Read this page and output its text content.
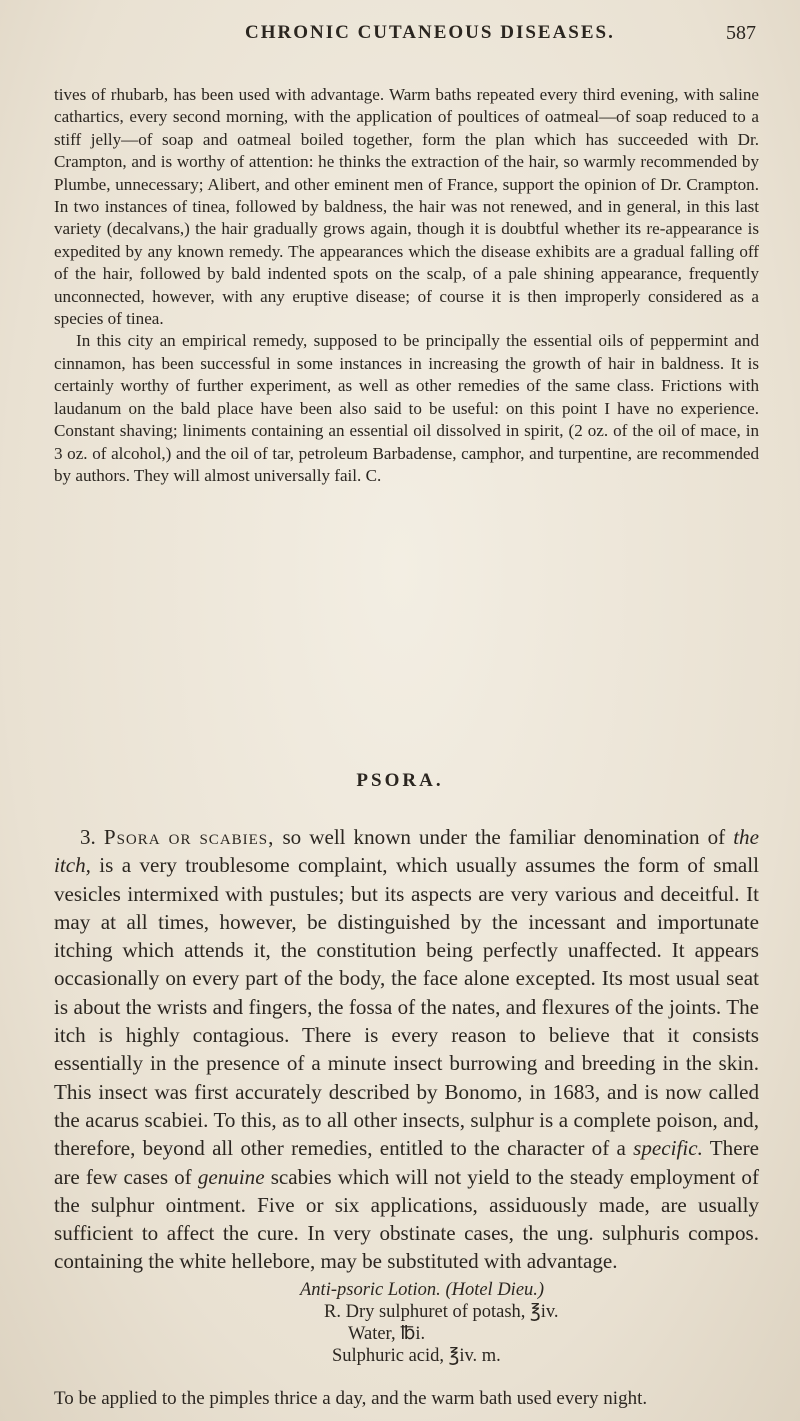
CHRONIC CUTANEOUS DISEASES.	587

tives of rhubarb, has been used with advantage. Warm baths repeated every third evening, with saline cathartics, every second morning, with the application of poultices of oatmeal—of soap reduced to a stiff jelly—of soap and oatmeal boiled together, form the plan which has succeeded with Dr. Crampton, and is worthy of attention: he thinks the extraction of the hair, so warmly recommended by Plumbe, unnecessary; Alibert, and other eminent men of France, support the opinion of Dr. Crampton. In two instances of tinea, followed by baldness, the hair was not renewed, and in general, in this last variety (decalvans,) the hair gradually grows again, though it is doubtful whether its re-appearance is expedited by any known remedy. The appearances which the disease exhibits are a gradual falling off of the hair, followed by bald indented spots on the scalp, of a pale shining appearance, frequently unconnected, however, with any eruptive disease; of course it is then improperly considered as a species of tinea.

In this city an empirical remedy, supposed to be principally the essential oils of peppermint and cinnamon, has been successful in some instances in increasing the growth of hair in baldness. It is certainly worthy of further experiment, as well as other remedies of the same class. Frictions with laudanum on the bald place have been also said to be useful: on this point I have no experience. Constant shaving; liniments containing an essential oil dissolved in spirit, (2 oz. of the oil of mace, in 3 oz. of alcohol,) and the oil of tar, petroleum Barbadense, camphor, and turpentine, are recommended by authors. They will almost universally fail. C.

PSORA.

3. Psora or scabies, so well known under the familiar denomination of the itch, is a very troublesome complaint, which usually assumes the form of small vesicles intermixed with pustules; but its aspects are very various and deceitful. It may at all times, however, be distinguished by the incessant and importunate itching which attends it, the constitution being perfectly unaffected. It appears occasionally on every part of the body, the face alone excepted. Its most usual seat is about the wrists and fingers, the fossa of the nates, and flexures of the joints. The itch is highly contagious. There is every reason to believe that it consists essentially in the presence of a minute insect burrowing and breeding in the skin. This insect was first accurately described by Bonomo, in 1683, and is now called the acarus scabiei. To this, as to all other insects, sulphur is a complete poison, and, therefore, beyond all other remedies, entitled to the character of a specific. There are few cases of genuine scabies which will not yield to the steady employment of the sulphur ointment. Five or six applications, assiduously made, are usually sufficient to affect the cure. In very obstinate cases, the ung. sulphuris compos. containing the white hellebore, may be substituted with advantage.

Anti-psoric Lotion. (Hotel Dieu.)
R. Dry sulphuret of potash, ℥iv.
Water, ℔i.
Sulphuric acid, ℥iv. m.

To be applied to the pimples thrice a day, and the warm bath used every night.
